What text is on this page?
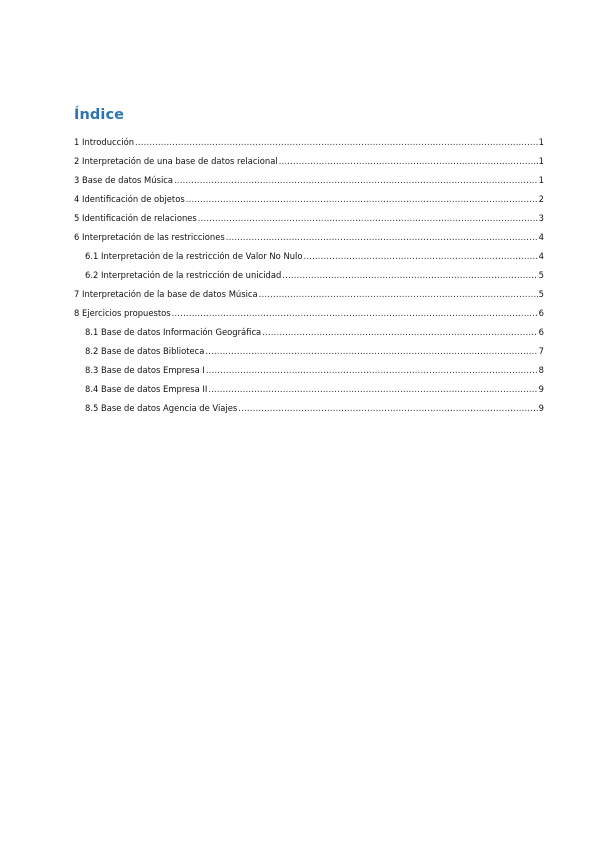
Índice
1 Introducción .....	1
2 Interpretación de una base de datos relacional .....	1
3 Base de datos Música .....	1
4 Identificación de objetos .....	2
5 Identificación de relaciones .....	3
6 Interpretación de las restricciones .....	4
6.1 Interpretación de la restricción de Valor No Nulo .....	4
6.2 Interpretación de la restricción de unicidad .....	5
7 Interpretación de la base de datos Música .....	5
8 Ejercicios propuestos .....	6
8.1 Base de datos Información Geográfica .....	6
8.2 Base de datos Biblioteca .....	7
8.3 Base de datos Empresa I .....	8
8.4 Base de datos Empresa II .....	9
8.5 Base de datos Agencia de Viajes .....	9
